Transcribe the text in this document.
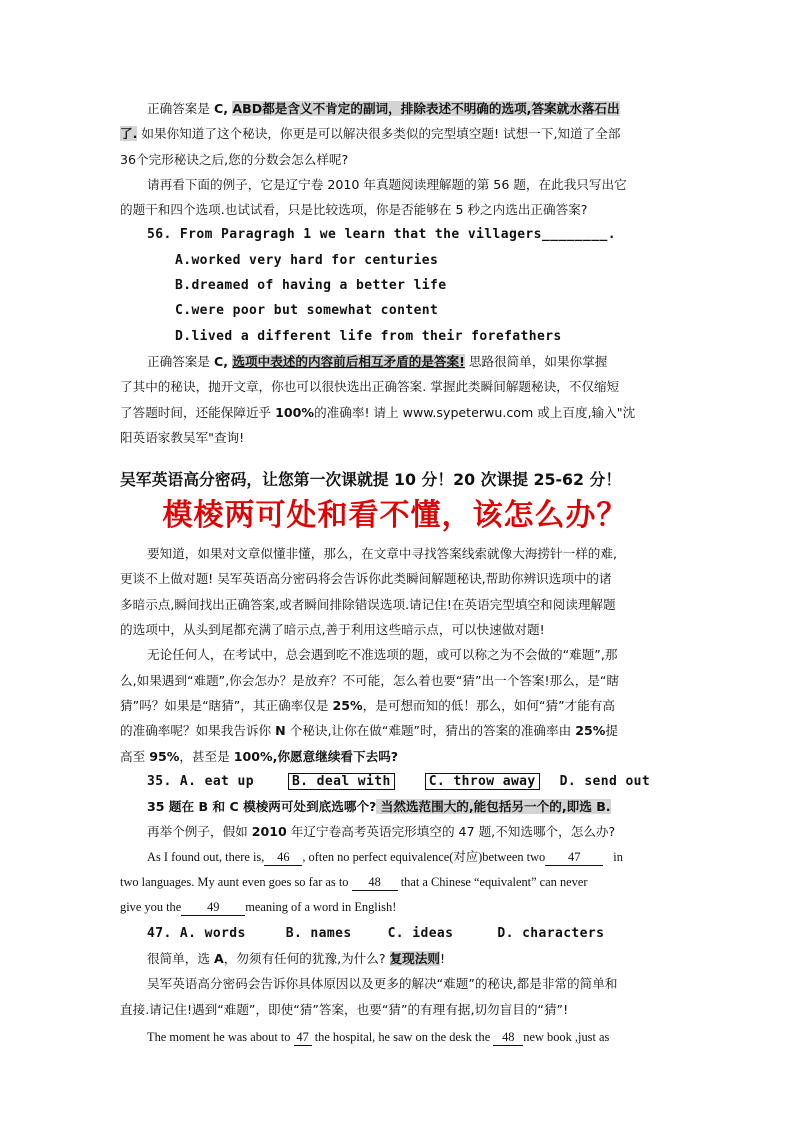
正确答案是 C, ABD都是含义不肯定的副词，排除表述不明确的选项,答案就水落石出

了. 如果你知道了这个秘诀，你更是可以解决很多类似的完型填空题! 试想一下,知道了全部

36个完形秘诀之后,您的分数会怎么样呢?

请再看下面的例子，它是辽宁卷 2010 年真题阅读理解题的第 56 题，在此我只写出它

的题干和四个选项.也试试看，只是比较选项，你是否能够在 5 秒之内选出正确答案?

56. From Paragragh 1 we learn that the villagers________.

A.worked very hard for centuries

B.dreamed of having a better life

C.were poor but somewhat content

D.lived a different life from their forefathers

正确答案是 C, 选项中表述的内容前后相互矛盾的是答案! 思路很简单，如果你掌握

了其中的秘诀，抛开文章，你也可以很快选出正确答案. 掌握此类瞬间解题秘诀，不仅缩短

了答题时间，还能保障近乎 100%的准确率! 请上 www.sypeterwu.com 或上百度,输入"沈

阳英语家教吴军"查询!

吴军英语高分密码，让您第一次课就提 10 分！20 次课提 25-62 分！

模棱两可处和看不懂，该怎么办？

要知道，如果对文章似懂非懂，那么，在文章中寻找答案线索就像大海捞针一样的难,

更谈不上做对题! 吴军英语高分密码将会告诉你此类瞬间解题秘诀,帮助你辨识选项中的诸

多暗示点,瞬间找出正确答案,或者瞬间排除错误选项.请记住!在英语完型填空和阅读理解题

的选项中，从头到尾都充满了暗示点,善于利用这些暗示点，可以快速做对题!

无论任何人，在考试中，总会遇到吃不准选项的题，或可以称之为不会做的“难题”,那

么,如果遇到“难题”,你会怎办？是放弃？不可能，怎么着也要“猜”出一个答案!那么，是“瞎

猜”吗？如果是“瞎猜”，其正确率仅是 25%，是可想而知的低！那么，如何“猜”才能有高

的准确率呢？如果我告诉你 N 个秘诀,让你在做“难题”时，猜出的答案的准确率由 25%提

高至 95%，甚至是 100%,你愿意继续看下去吗?

35. A. eat up	B. deal with	C. throw away D. send out

35 题在 B 和 C 模棱两可处到底选哪个? 当然选范围大的,能包括另一个的,即选 B.

再举个例子，假如 2010 年辽宁卷高考英语完形填空的 47 题,不知选哪个，怎么办?

As I found out, there is, 46 , often no perfect equivalence(对应)between two 47	in

two languages. My aunt even goes so far as to 48 that a Chinese “equivalent” can never

give you the 49 meaning of a word in English!

47. A. words	B. names	C. ideas	D. characters

很简单，选 A，勿须有任何的犹豫,为什么? 复现法则!

吴军英语高分密码会告诉你具体原因以及更多的解决“难题”的秘诀,都是非常的简单和

直接.请记住!遇到“难题”，即使“猜”答案，也要“猜”的有理有据,切勿盲目的“猜”!

The moment he was about to 47 the hospital, he saw on the desk the 48 new book ,just as
